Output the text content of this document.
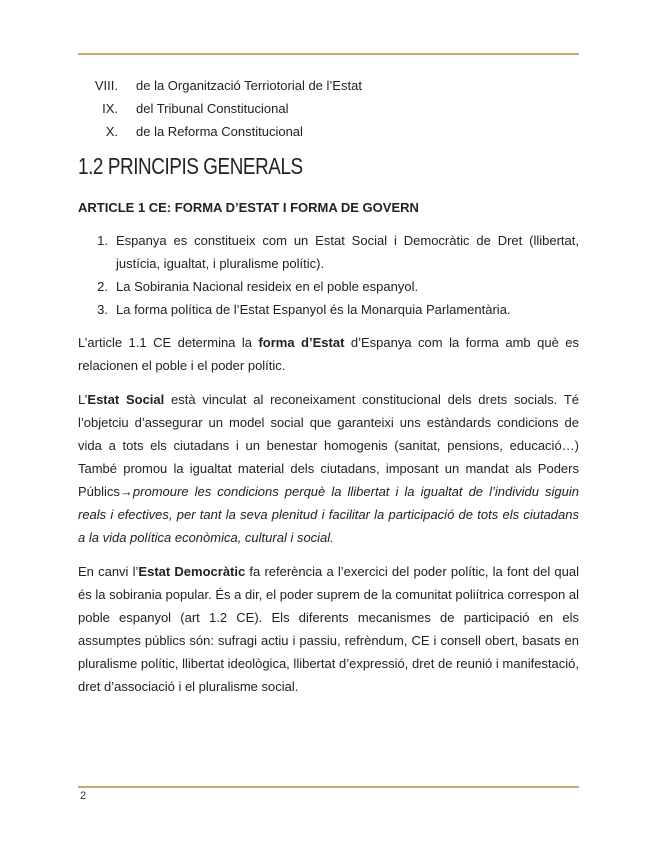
VIII.	de la Organització Terriotorial de l’Estat
IX.	del Tribunal Constitucional
X.	de la Reforma Constitucional
1.2 PRINCIPIS GENERALS
ARTICLE 1 CE: FORMA D’ESTAT I FORMA DE GOVERN
1. Espanya es constitueix com un Estat Social i Democràtic de Dret (llibertat, justícia, igualtat, i pluralisme polític).
2. La Sobirania Nacional resideix en el poble espanyol.
3. La forma política de l’Estat Espanyol és la Monarquia Parlamentària.

L’article 1.1 CE determina la forma d’Estat d’Espanya com la forma amb què es relacionen el poble i el poder polític.

L’Estat Social està vinculat al reconeixament constitucional dels drets socials. Té l’objetciu d’assegurar un model social que garanteixi uns estàndards condicions de vida a tots els ciutadans i un benestar homogenis (sanitat, pensions, educació…) També promou la igualtat material dels ciutadans, imposant un mandat als Poders Públics→promoure les condicions perquè la llibertat i la igualtat de l’individu siguin reals i efectives, per tant la seva plenitud i facilitar la participació de tots els ciutadans a la vida política econòmica, cultural i social.

En canvi l’Estat Democràtic fa referència a l’exercici del poder polític, la font del qual és la sobirania popular. És a dir, el poder suprem de la comunitat poliítrica correspon al poble espanyol (art 1.2 CE). Els diferents mecanismes de participació en els assumptes públics són: sufragi actiu i passiu, refrèndum, CE i consell obert, basats en pluralisme polític, llibertat ideològica, llibertat d’expressió, dret de reunió i manifestació, dret d’associació i el pluralisme social.

2
